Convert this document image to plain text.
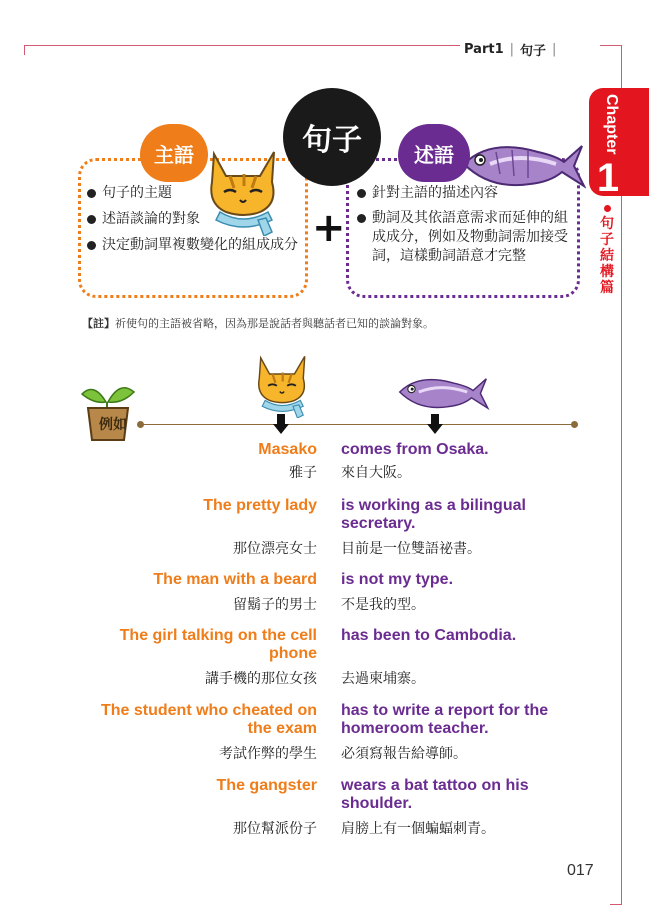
Part1 | 句子 |
Chapter
1
句
子
結
構
篇
句子的主題
述語談論的對象
決定動詞單複數變化的組成成分
針對主語的描述內容
動詞及其依語意需求而延伸的組成成分，例如及物動詞需加接受詞，這樣動詞語意才完整
主語	句子	述語
+
【註】祈使句的主語被省略，因為那是說話者與聽話者已知的談論對象。
例如
Masako comes from Osaka.
雅子 來自大阪。
The pretty lady is working as a bilingual secretary.
那位漂亮女士 目前是一位雙語祕書。
The man with a beard is not my type.
留鬍子的男士 不是我的型。
The girl talking on the cell phone
has been to Cambodia.
講手機的那位女孩 去過柬埔寨。
The student who cheated on the exam
has to write a report for the homeroom teacher.
考試作弊的學生 必須寫報告給導師。
The gangster wears a bat tattoo on his shoulder.
那位幫派份子 肩膀上有一個蝙蝠刺青。
017
